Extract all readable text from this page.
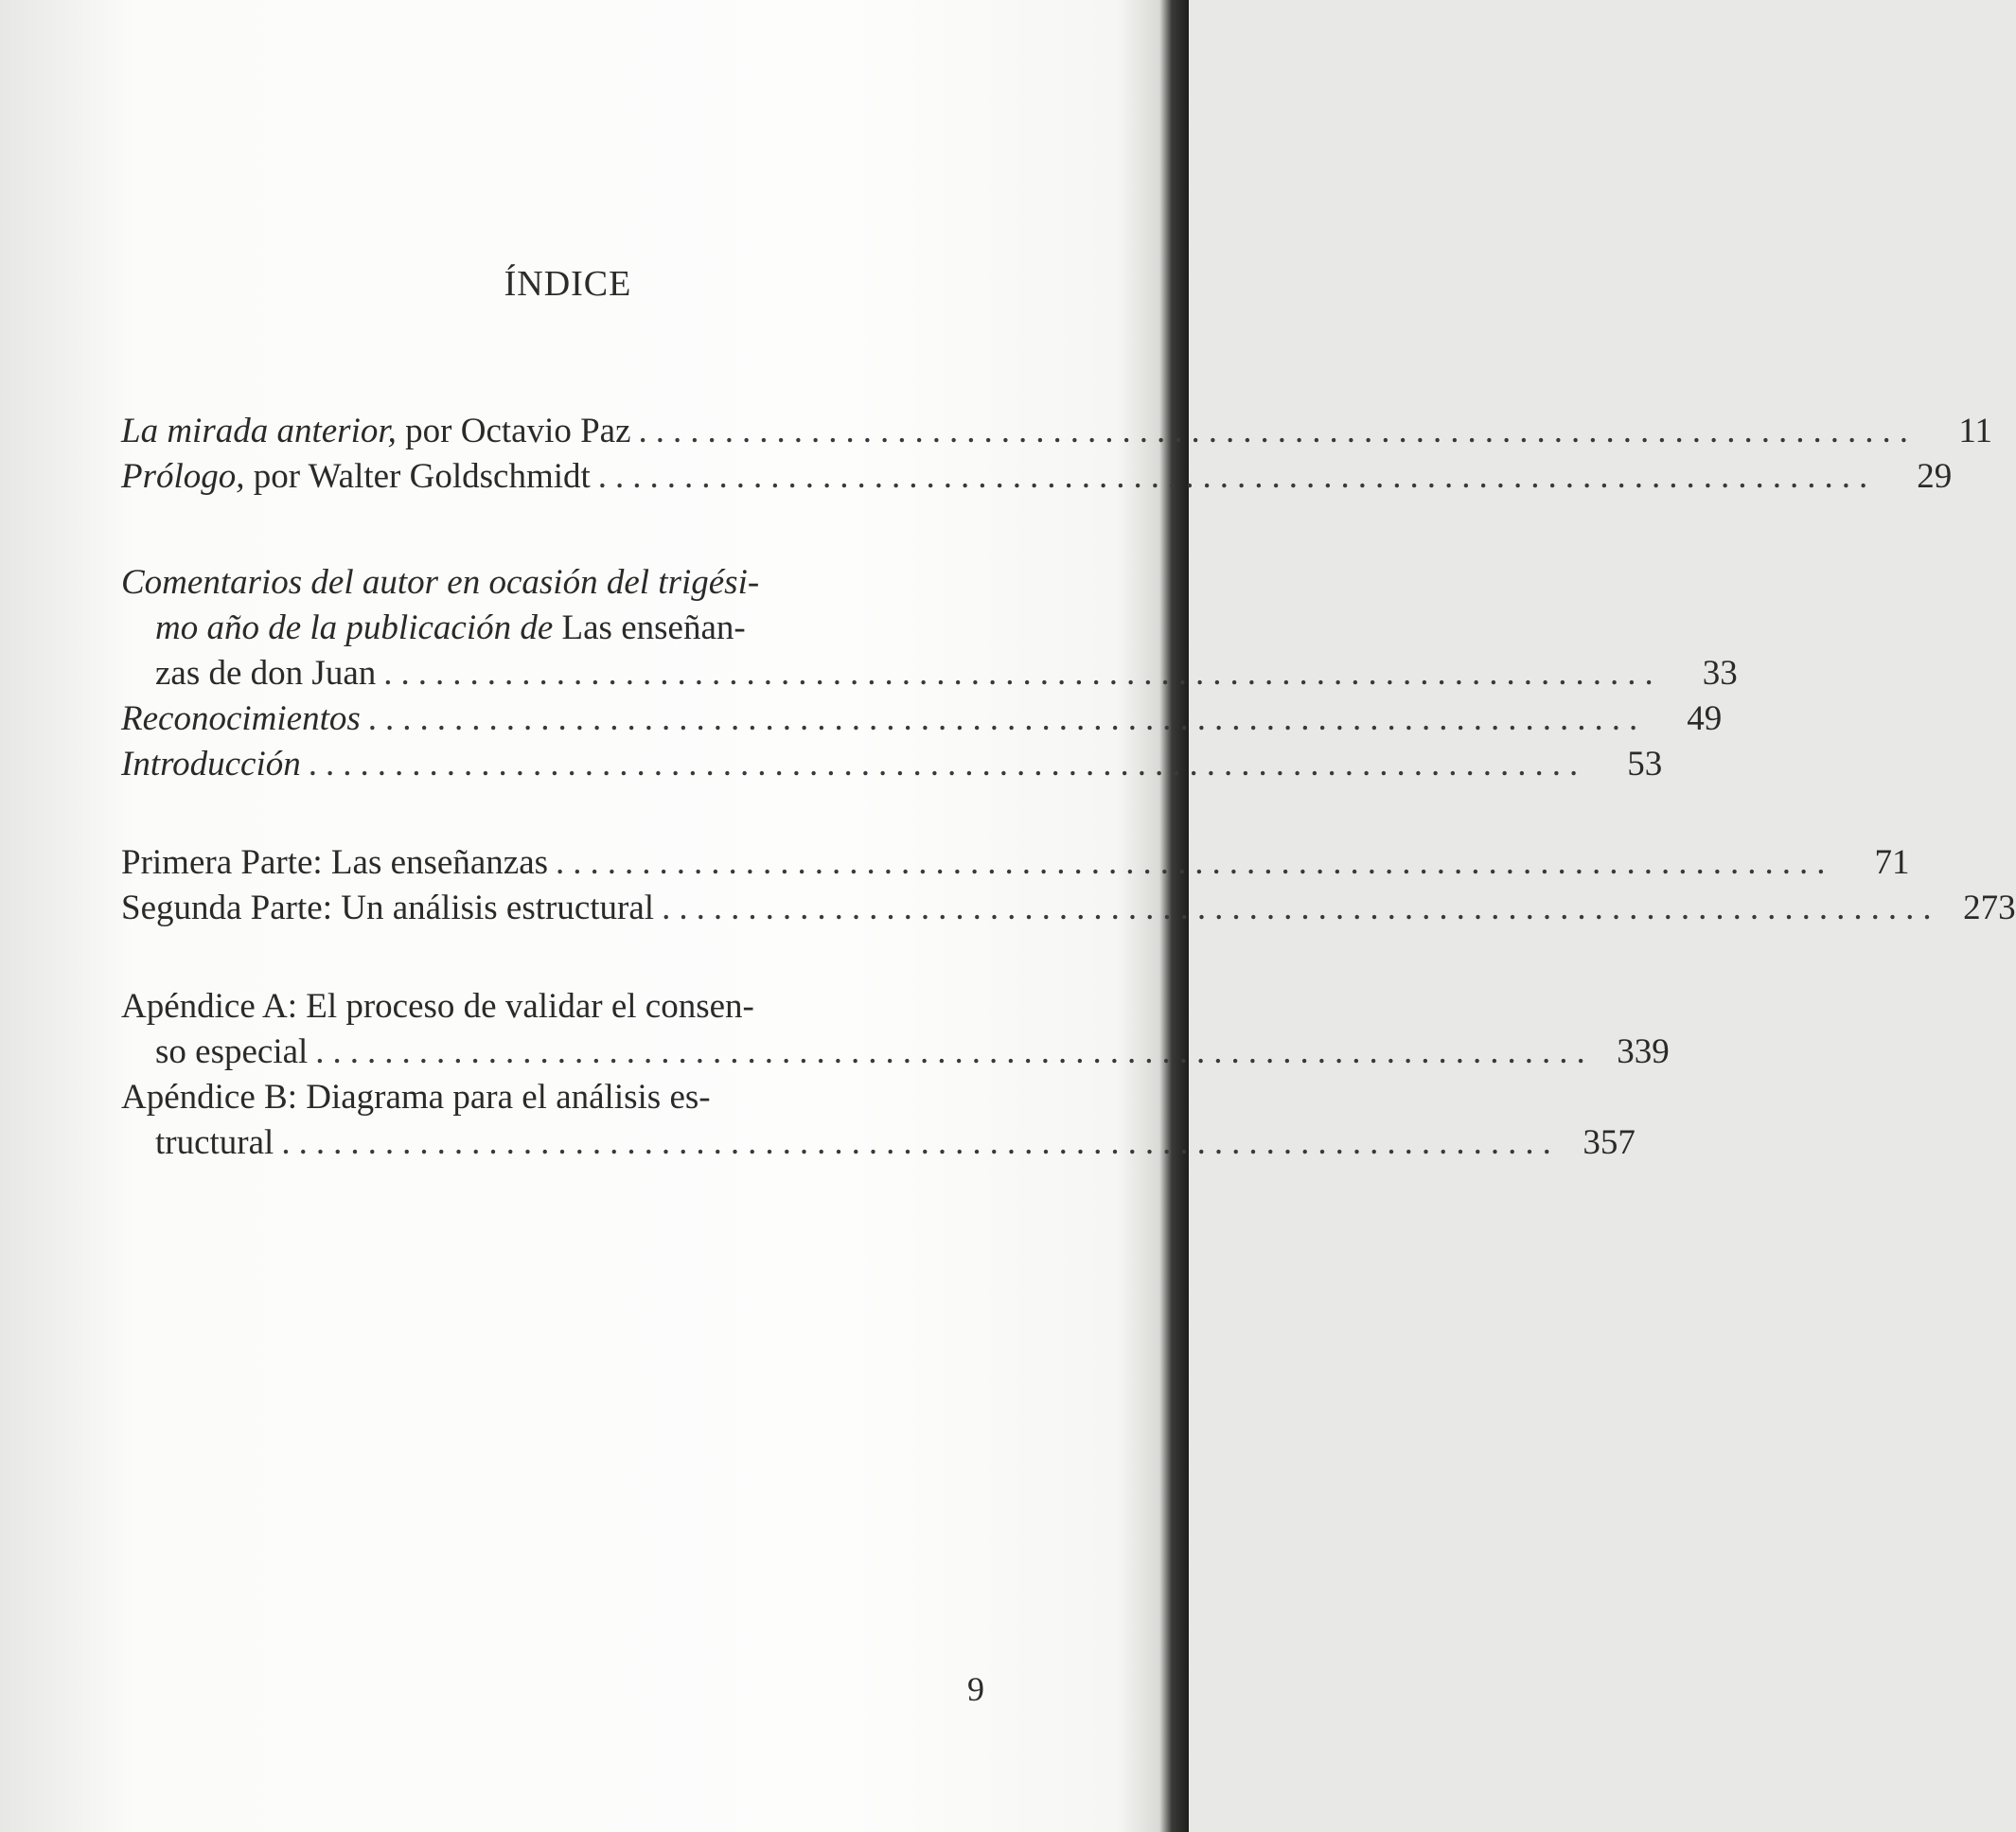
ÍNDICE
La mirada anterior, por Octavio Paz ..........................................................................	11
Prólogo, por Walter Goldschmidt ..........................................................................	29
Comentarios del autor en ocasión del trigési-
mo año de la publicación de Las enseñan-
zas de don Juan ..........................................................................	33
Reconocimientos ..........................................................................	49
Introducción ..........................................................................	53
Primera Parte: Las enseñanzas ..........................................................................	71
Segunda Parte: Un análisis estructural .......................................................................... 273
Apéndice A: El proceso de validar el consen-
so especial .......................................................................... 339
Apéndice B: Diagrama para el análisis es-
tructural .......................................................................... 357
9
